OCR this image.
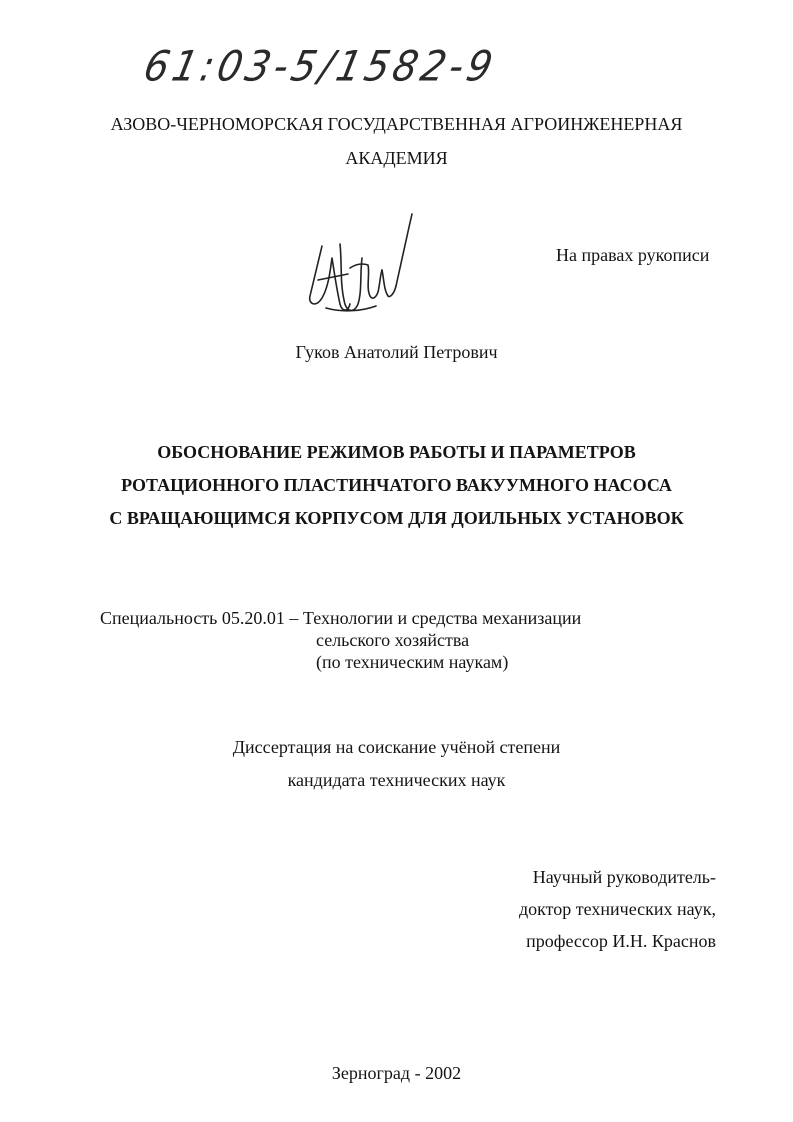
61:03-5/1582-9
АЗОВО-ЧЕРНОМОРСКАЯ ГОСУДАРСТВЕННАЯ АГРОИНЖЕНЕРНАЯ
АКАДЕМИЯ
На правах рукописи
Гуков Анатолий Петрович
ОБОСНОВАНИЕ РЕЖИМОВ РАБОТЫ И ПАРАМЕТРОВ
РОТАЦИОННОГО ПЛАСТИНЧАТОГО ВАКУУМНОГО НАСОСА
С ВРАЩАЮЩИМСЯ КОРПУСОМ ДЛЯ ДОИЛЬНЫХ УСТАНОВОК
Специальность 05.20.01 – Технологии и средства механизации
сельского хозяйства
(по техническим наукам)
Диссертация на соискание учёной степени
кандидата технических наук
Научный руководитель-
доктор технических наук,
профессор И.Н. Краснов
Зерноград - 2002
